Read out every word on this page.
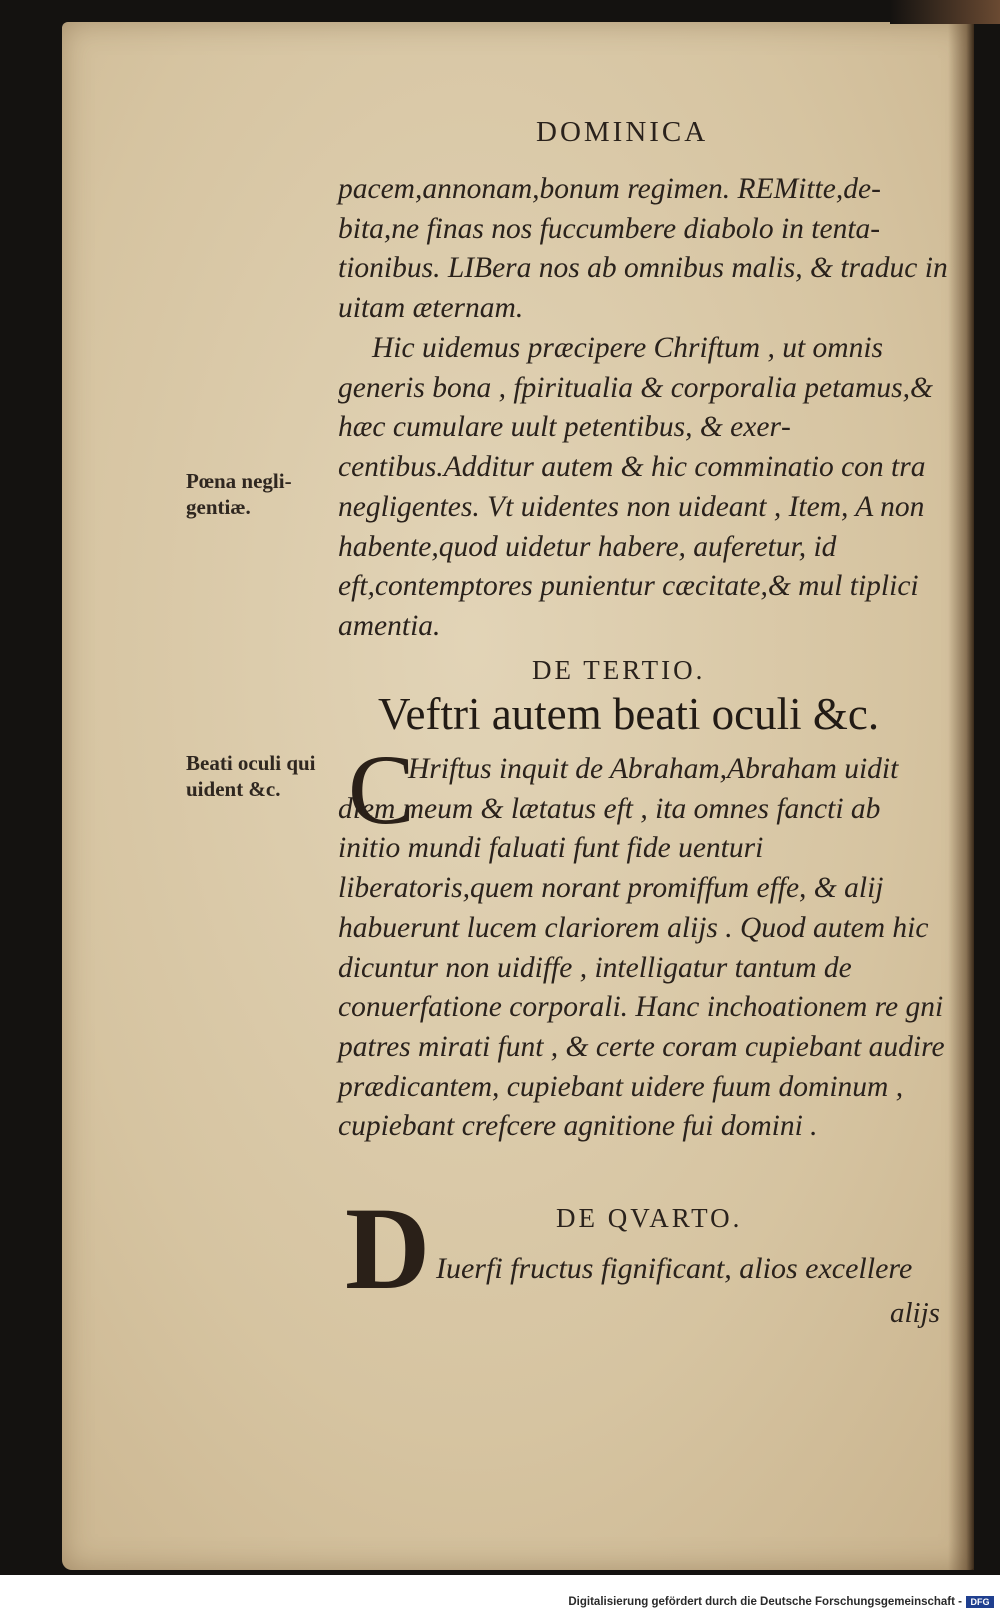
DOMINICA

pacem,annonam,bonum regimen. REMitte,debita,ne finas nos fuccumbere diabolo in tentationibus. LIBera nos ab omnibus malis, & traduc in uitam æternam.

Hic uidemus præcipere Chriftum , ut omnis generis bona , fpiritualia & corporalia petamus,& hæc cumulare uult petentibus, & exercentibus.Additur autem & hic comminatio con tra negligentes. Vt uidentes non uideant , Item, A non habente,quod uidetur habere, auferetur, id eft,contemptores punientur cæcitate,& mul tiplici amentia.

Pœna negligentiæ.

DE TERTIO.
Veftri autem beati oculi &c.

Beati oculi qui uident &c. C

Hriftus inquit de Abraham,Abraham uidit diem meum & lætatus eft , ita omnes fancti ab initio mundi faluati funt fide uenturi liberatoris,quem norant promiffum effe, & alij habuerunt lucem clariorem alijs . Quod autem hic dicuntur non uidiffe , intelligatur tantum de conuerfatione corporali. Hanc inchoationem re gni patres mirati funt , & certe coram cupiebant audire prædicantem, cupiebant uidere fuum dominum , cupiebant crefcere agnitione fui domini .

DE QVARTO.
D Iuerfi fructus fignificant, alios excellere

alijs
Digitalisierung gefördert durch die Deutsche Forschungsgemeinschaft - DFG
